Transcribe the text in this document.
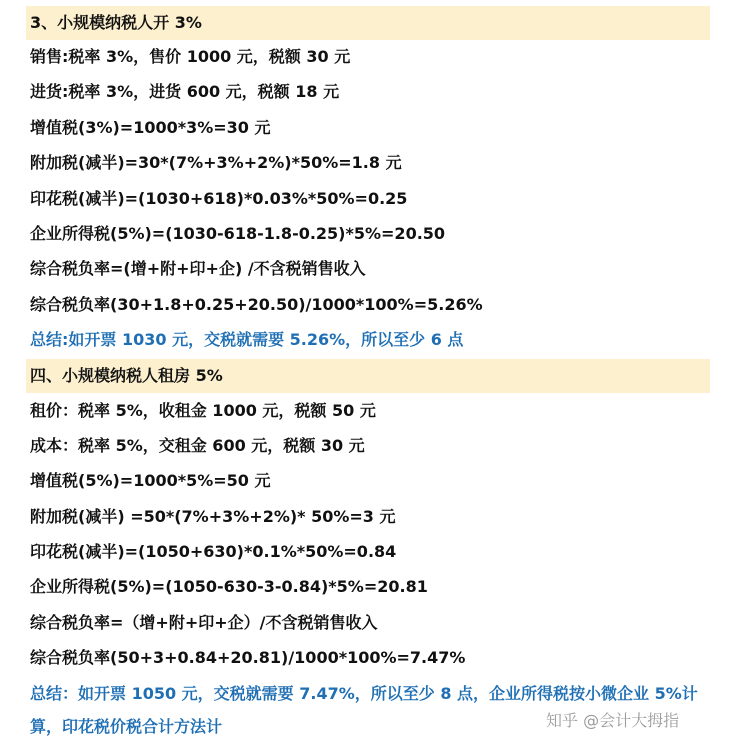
3、小规模纳税人开 3%
销售:税率 3%，售价 1000 元，税额 30 元
进货:税率 3%，进货 600 元，税额 18 元
增值税(3%)=1000*3%=30 元
附加税(减半)=30*(7%+3%+2%)*50%=1.8 元
印花税(减半)=(1030+618)*0.03%*50%=0.25
企业所得税(5%)=(1030-618-1.8-0.25)*5%=20.50
综合税负率=(增+附+印+企) /不含税销售收入
综合税负率(30+1.8+0.25+20.50)/1000*100%=5.26%
总结:如开票 1030 元，交税就需要 5.26%，所以至少 6 点
四、小规模纳税人租房 5%
租价：税率 5%，收租金 1000 元，税额 50 元
成本：税率 5%，交租金 600 元，税额 30 元
增值税(5%)=1000*5%=50 元
附加税(减半) =50*(7%+3%+2%)* 50%=3 元
印花税(减半)=(1050+630)*0.1%*50%=0.84
企业所得税(5%)=(1050-630-3-0.84)*5%=20.81
综合税负率=（增+附+印+企）/不含税销售收入
综合税负率(50+3+0.84+20.81)/1000*100%=7.47%
总结：如开票 1050 元，交税就需要 7.47%，所以至少 8 点，企业所得税按小微企业 5%计算，印花税价税合计方法计	知乎 @会计大拇指
